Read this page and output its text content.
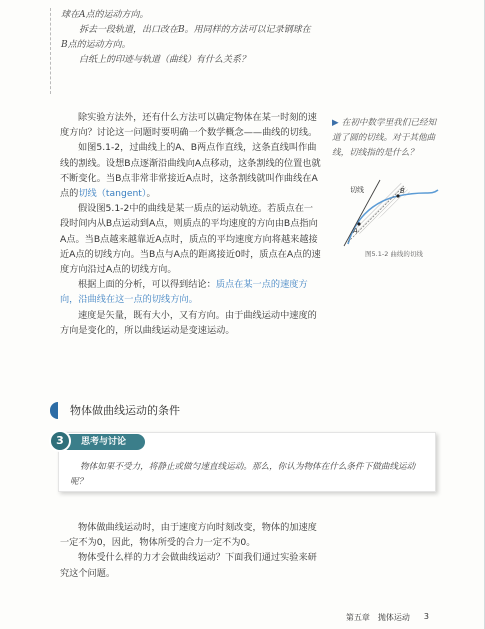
球在A点的运动方向。

拆去一段轨道，出口改在B。用同样的方法可以记录钢球在B点的运动方向。

白纸上的印迹与轨道（曲线）有什么关系？

除实验方法外，还有什么方法可以确定物体在某一时刻的速度方向？讨论这一问题时要明确一个数学概念——曲线的切线。

如图5.1-2，过曲线上的A、B两点作直线，这条直线叫作曲线的割线。设想B点逐渐沿曲线向A点移动，这条割线的位置也就不断变化。当B点非常非常接近A点时，这条割线就叫作曲线在A点的切线（tangent）。

假设图5.1-2中的曲线是某一质点的运动轨迹。若质点在一段时间内从B点运动到A点，则质点的平均速度的方向由B点指向A点。当B点越来越靠近A点时，质点的平均速度方向将越来越接近A点的切线方向。当B点与A点的距离接近0时，质点在A点的速度方向沿过A点的切线方向。

根据上面的分析，可以得到结论：质点在某一点的速度方向，沿曲线在这一点的切线方向。

速度是矢量，既有大小，又有方向。由于曲线运动中速度的方向是变化的，所以曲线运动是变速运动。

▶ 在初中数学里我们已经知道了圆的切线。对于其他曲线，切线指的是什么？
切线
A
B
图5.1-2 曲线的切线
物体做曲线运动的条件
思考与讨论
3
物体如果不受力，将静止或做匀速直线运动。那么，你认为物体在什么条件下做曲线运动呢？

物体做曲线运动时，由于速度方向时刻改变，物体的加速度一定不为0，因此，物体所受的合力一定不为0。

物体受什么样的力才会做曲线运动？下面我们通过实验来研究这个问题。

第五章　抛体运动 3
